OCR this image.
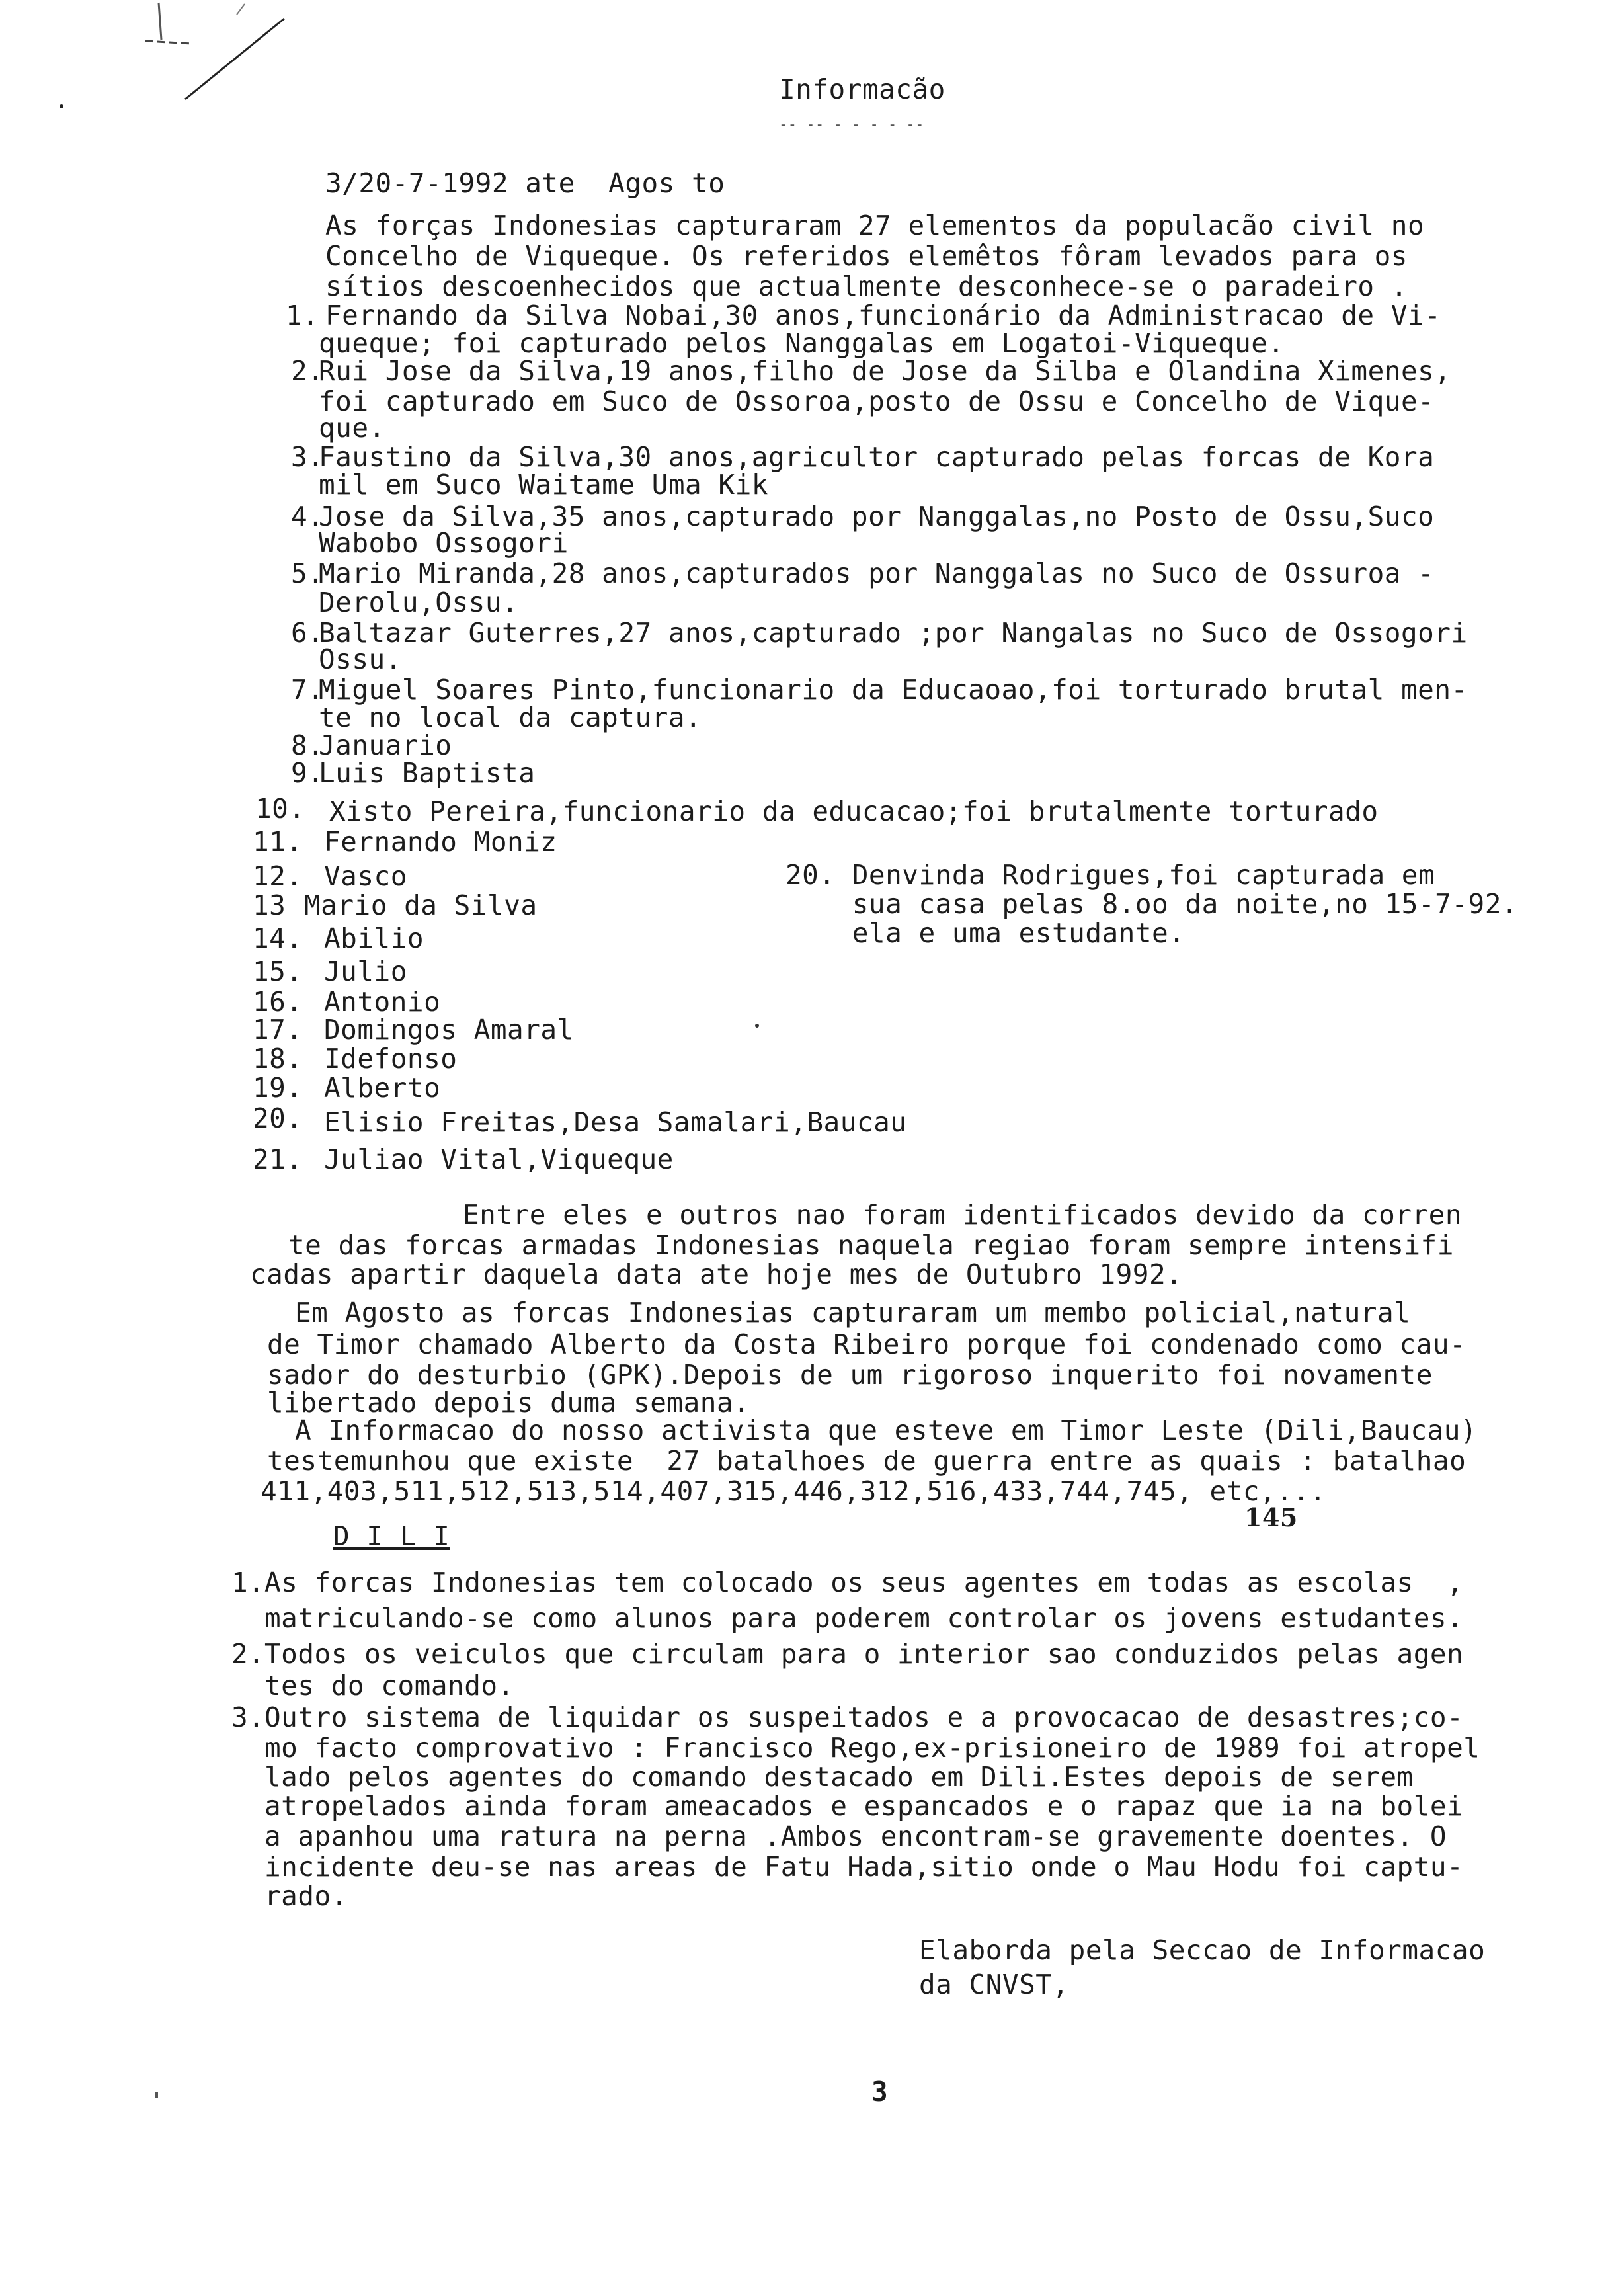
Informacão
-- -- - - - - --
3/20-7-1992 ate  Agos to
As forças Indonesias capturaram 27 elementos da populacão civil no
Concelho de Viqueque. Os referidos elemêtos fôram levados para os
sítios descoenhecidos que actualmente desconhece-se o paradeiro .
1. Fernando da Silva Nobai,30 anos,funcionário da Administracao de Vi-
queque; foi capturado pelos Nanggalas em Logatoi-Viqueque.
2.
Rui Jose da Silva,19 anos,filho de Jose da Silba e Olandina Ximenes,
foi capturado em Suco de Ossoroa,posto de Ossu e Concelho de Vique-
que.
3.
Faustino da Silva,30 anos,agricultor capturado pelas forcas de Kora
mil em Suco Waitame Uma Kik
4.
Jose da Silva,35 anos,capturado por Nanggalas,no Posto de Ossu,Suco
Wabobo Ossogori
5.
Mario Miranda,28 anos,capturados por Nanggalas no Suco de Ossuroa -
Derolu,Ossu.
6.
Baltazar Guterres,27 anos,capturado ;por Nangalas no Suco de Ossogori
Ossu.
7.
Miguel Soares Pinto,funcionario da Educaoao,foi torturado brutal men-
te no local da captura.
8.
Januario
9.
Luis Baptista
10. Xisto Pereira,funcionario da educacao;foi brutalmente torturado
11. Fernando Moniz
12. Vasco
13 Mario da Silva
14. Abilio
15. Julio
16. Antonio
17. Domingos Amaral
18. Idefonso
19. Alberto
20. Elisio Freitas,Desa Samalari,Baucau
21. Juliao Vital,Viqueque
20. Denvinda Rodrigues,foi capturada em
sua casa pelas 8.oo da noite,no 15-7-92.
ela e uma estudante.
Entre eles e outros nao foram identificados devido da corren
te das forcas armadas Indonesias naquela regiao foram sempre intensifi
cadas apartir daquela data ate hoje mes de Outubro 1992.
Em Agosto as forcas Indonesias capturaram um membo policial,natural
de Timor chamado Alberto da Costa Ribeiro porque foi condenado como cau-
sador do desturbio (GPK).Depois de um rigoroso inquerito foi novamente
libertado depois duma semana.
A Informacao do nosso activista que esteve em Timor Leste (Dili,Baucau)
testemunhou que existe  27 batalhoes de guerra entre as quais : batalhao
411,403,511,512,513,514,407,315,446,312,516,433,744,745, etc,...
145
D I L I
1. As forcas Indonesias tem colocado os seus agentes em todas as escolas  ,
matriculando-se como alunos para poderem controlar os jovens estudantes.
2. Todos os veiculos que circulam para o interior sao conduzidos pelas agen
tes do comando.
3. Outro sistema de liquidar os suspeitados e a provocacao de desastres;co-
mo facto comprovativo : Francisco Rego,ex-prisioneiro de 1989 foi atropel
lado pelos agentes do comando destacado em Dili.Estes depois de serem
atropelados ainda foram ameacados e espancados e o rapaz que ia na bolei
a apanhou uma ratura na perna .Ambos encontram-se gravemente doentes. O
incidente deu-se nas areas de Fatu Hada,sitio onde o Mau Hodu foi captu-
rado.
Elaborda pela Seccao de Informacao
da CNVST,
3
